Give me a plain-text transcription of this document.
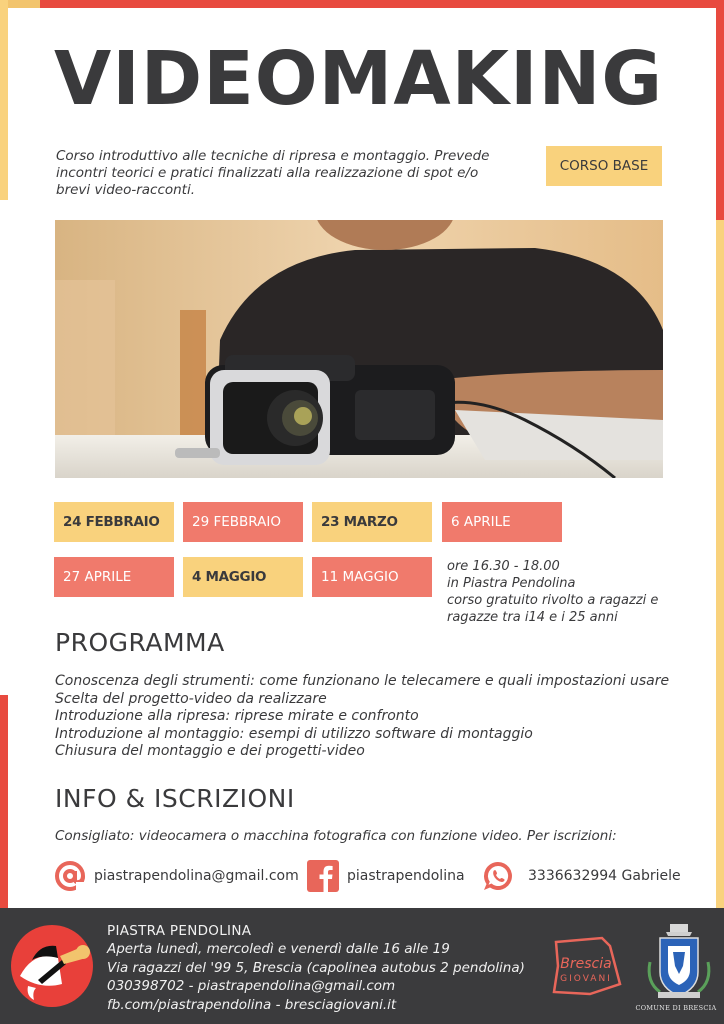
VIDEOMAKING
Corso introduttivo alle tecniche di ripresa e montaggio. Prevede incontri teorici e pratici finalizzati alla realizzazione di spot e/o brevi video-racconti.
CORSO BASE
24 FEBBRAIO	29 FEBBRAIO	23 MARZO	6 APRILE
27 APRILE	4 MAGGIO	11 MAGGIO
ore 16.30 - 18.00
in Piastra Pendolina
corso gratuito rivolto a ragazzi e ragazze tra i14 e i 25 anni
PROGRAMMA
Conoscenza degli strumenti: come funzionano le telecamere e quali impostazioni usare
Scelta del progetto-video da realizzare
Introduzione alla ripresa: riprese mirate e confronto
Introduzione al montaggio: esempi di utilizzo software di montaggio
Chiusura del montaggio e dei progetti-video
INFO & ISCRIZIONI
Consigliato: videocamera o macchina fotografica con funzione video. Per iscrizioni:
piastrapendolina@gmail.com	piastrapendolina	3336632994 Gabriele
PIASTRA PENDOLINA
Aperta lunedì, mercoledì e venerdì dalle 16 alle 19
Via ragazzi del '99 5, Brescia (capolinea autobus 2 pendolina)
030398702 - piastrapendolina@gmail.com
fb.com/piastrapendolina - bresciagiovani.it
Brescia
GIOVANI
COMUNE DI BRESCIA
